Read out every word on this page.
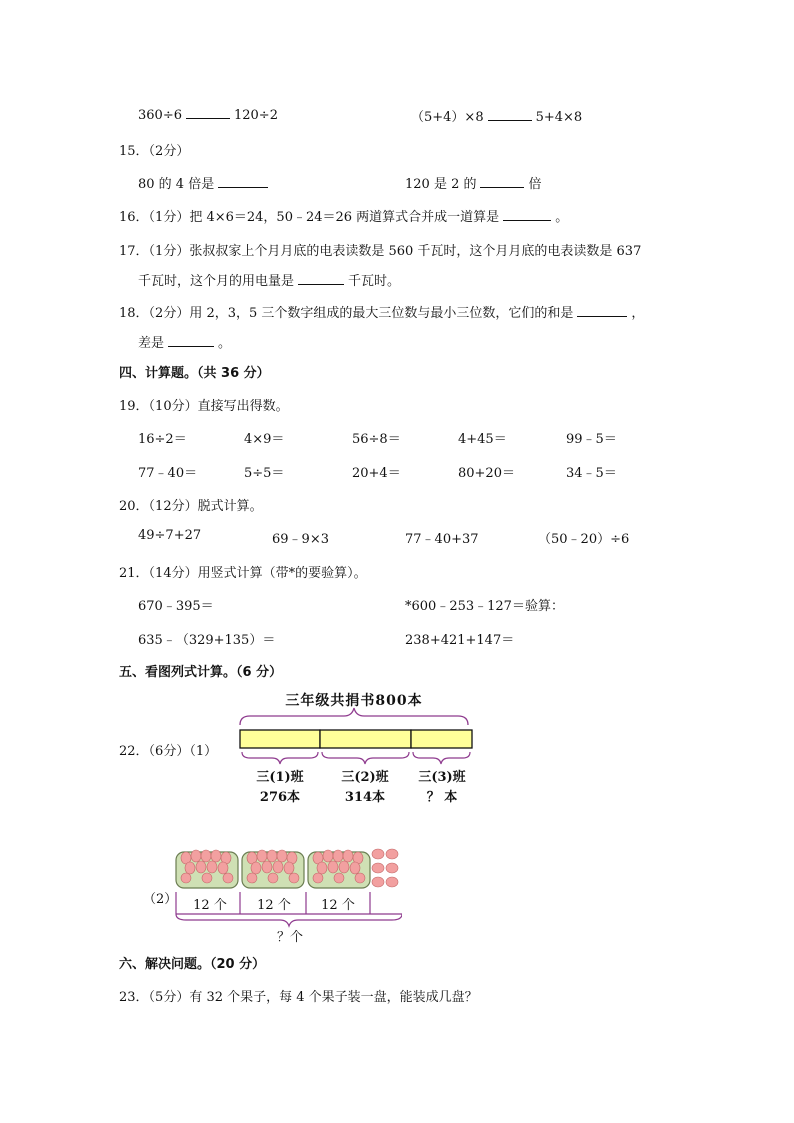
360÷6	120÷2	（5+4）×8	5+4×8
15．（2分）
80 的 4 倍是	120 是 2 的	倍
16．（1分）把 4×6＝24，50﹣24＝26 两道算式合并成一道算是	。
17．（1分）张叔叔家上个月月底的电表读数是 560 千瓦时，这个月月底的电表读数是 637
千瓦时，这个月的用电量是	千瓦时。
18．（2分）用 2，3，5 三个数字组成的最大三位数与最小三位数，它们的和是	，
差是	。
四、计算题。（共 36 分）
19．（10分）直接写出得数。
16÷2＝	4×9＝	56÷8＝	4+45＝	99﹣5＝
77﹣40＝	5÷5＝	20+4＝	80+20＝	34﹣5＝
20．（12分）脱式计算。
49÷7+27	69﹣9×3	77﹣40+37	（50﹣20）÷6
21．（14分）用竖式计算（带*的要验算）。
670﹣395＝	*600﹣253﹣127＝验算：
635﹣（329+135）＝	238+421+147＝
五、看图列式计算。（6 分）
22．（6分）（1）
三年级共捐书800本
三(1)班	三(2)班	三(3)班
276本	314本	？ 本
（2）	12 个	12 个	12 个
？个
六、解决问题。（20 分）
23．（5分）有 32 个果子，每 4 个果子装一盘，能装成几盘？
